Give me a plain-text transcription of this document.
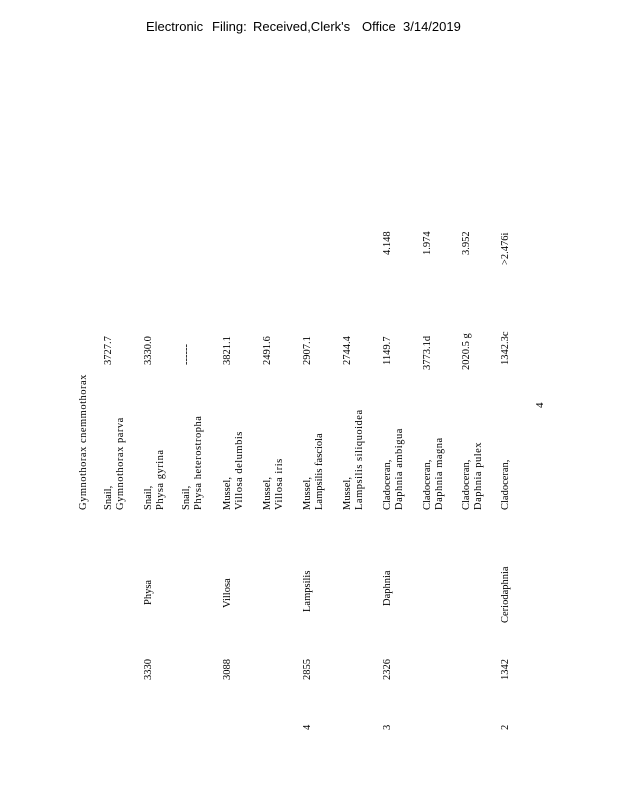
Electronic Filing: Received,Clerk's Office 3/14/2019
Gymnothorax cnemmothorax Snail, Gymnothorax parva
3727.7
3330
Physa
Snail, Physa gyrina
3330.0
Snail, Physa heterostropha
------
3088
Villosa
Mussel, Villosa delumbis
3821.1
Mussel, Villosa iris
2491.6
4
2855
Lampsilis
Mussel, Lampsilis fasciola
2907.1
Mussel, Lampsilis siliquoidea
2744.4
3
2326
Daphnia
Cladoceran, Daphnia ambigua
1149.7
4.148
Cladoceran, Daphnia magna
3773.1d
1.974
Cladoceran, Daphnia pulex
2020.5 g
3.952
2
1342
Ceriodaphnia
Cladoceran,
1342.3c
>2.476i
4
